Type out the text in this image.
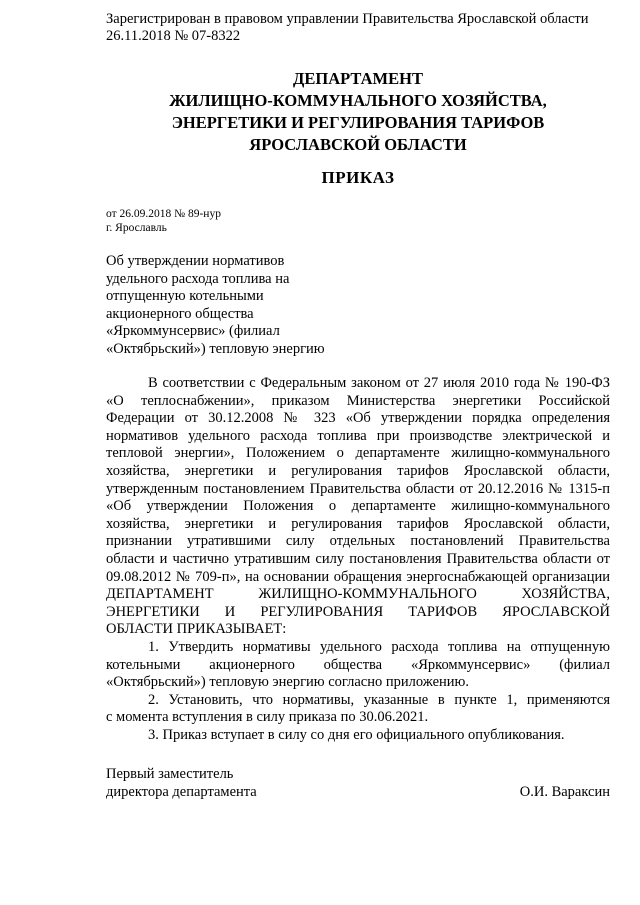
Зарегистрирован в правовом управлении Правительства Ярославской области
26.11.2018 № 07-8322
ДЕПАРТАМЕНТ
ЖИЛИЩНО-КОММУНАЛЬНОГО ХОЗЯЙСТВА,
ЭНЕРГЕТИКИ И РЕГУЛИРОВАНИЯ ТАРИФОВ
ЯРОСЛАВСКОЙ ОБЛАСТИ
ПРИКАЗ
от 26.09.2018 № 89-нур
г. Ярославль
Об утверждении нормативов
удельного расхода топлива на
отпущенную котельными
акционерного общества
«Яркоммунсервис» (филиал
«Октябрьский») тепловую энергию
В соответствии с Федеральным законом от 27 июля 2010 года № 190-ФЗ
«О теплоснабжении», приказом Министерства энергетики Российской
Федерации от 30.12.2008 № 323 «Об утверждении порядка определения
нормативов удельного расхода топлива при производстве электрической и
тепловой энергии», Положением о департаменте жилищно-коммунального
хозяйства, энергетики и регулирования тарифов Ярославской области,
утвержденным постановлением Правительства области от 20.12.2016 № 1315-п
«Об утверждении Положения о департаменте жилищно-коммунального
хозяйства, энергетики и регулирования тарифов Ярославской области,
признании утратившими силу отдельных постановлений Правительства
области и частично утратившим силу постановления Правительства области от
09.08.2012 № 709-п», на основании обращения энергоснабжающей организации
ДЕПАРТАМЕНТ ЖИЛИЩНО-КОММУНАЛЬНОГО ХОЗЯЙСТВА,
ЭНЕРГЕТИКИ И РЕГУЛИРОВАНИЯ ТАРИФОВ ЯРОСЛАВСКОЙ
ОБЛАСТИ ПРИКАЗЫВАЕТ:
1. Утвердить нормативы удельного расхода топлива на отпущенную
котельными акционерного общества «Яркоммунсервис» (филиал
«Октябрьский») тепловую энергию согласно приложению.
2. Установить, что нормативы, указанные в пункте 1, применяются
с момента вступления в силу приказа по 30.06.2021.
3. Приказ вступает в силу со дня его официального опубликования.
Первый заместитель
директора департамента	О.И. Вараксин
